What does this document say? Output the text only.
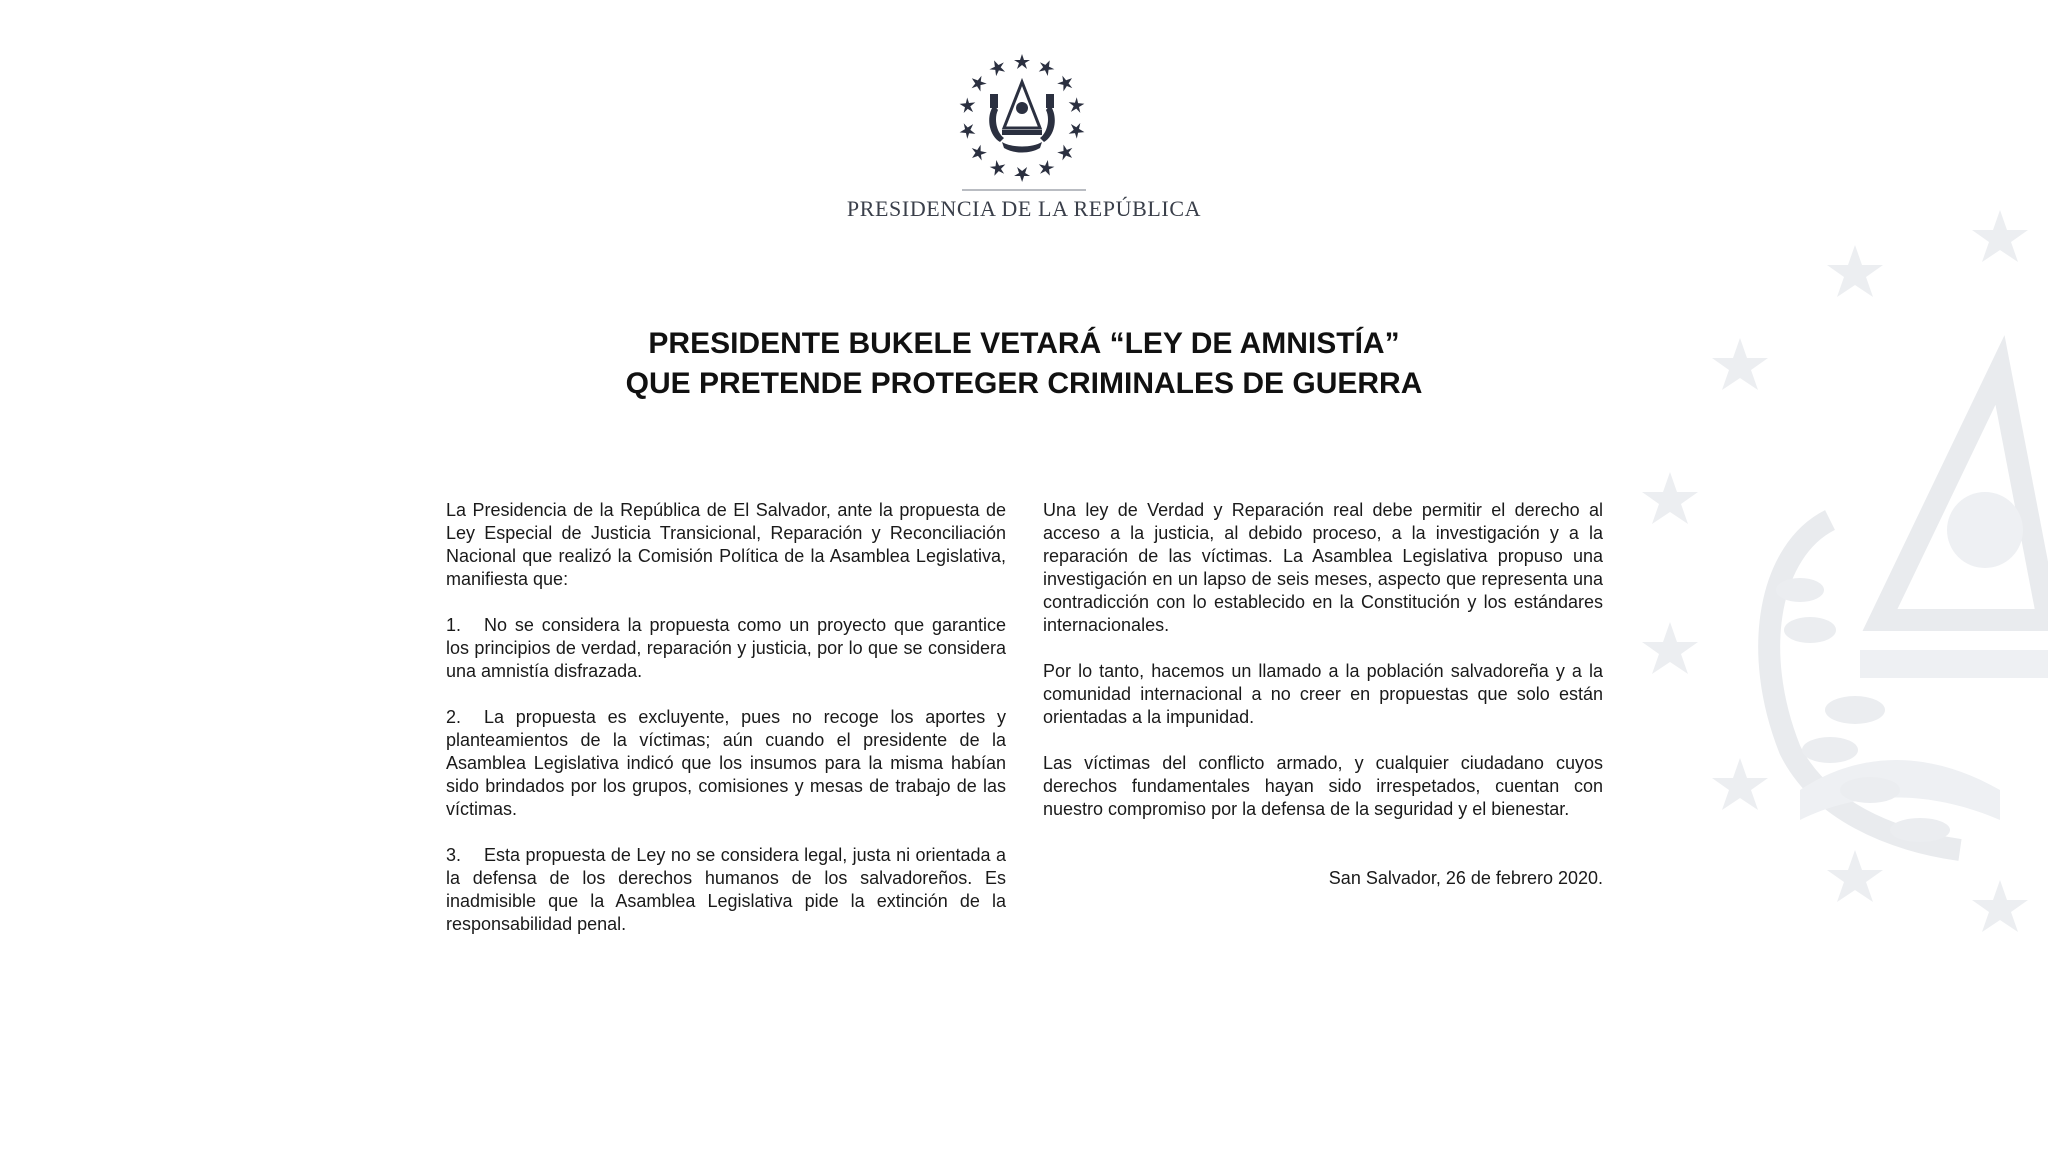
PRESIDENCIA DE LA REPÚBLICA
PRESIDENTE BUKELE VETARÁ “LEY DE AMNISTÍA”
QUE PRETENDE PROTEGER CRIMINALES DE GUERRA

La Presidencia de la República de El Salvador, ante la propuesta de Ley Especial de Justicia Transicional, Reparación y Reconciliación Nacional que realizó la Comisión Política de la Asamblea Legislativa, manifiesta que:

1. No se considera la propuesta como un proyecto que garantice los principios de verdad, reparación y justicia, por lo que se considera una amnistía disfrazada.

2. La propuesta es excluyente, pues no recoge los aportes y planteamientos de la víctimas; aún cuando el presidente de la Asamblea Legislativa indicó que los insumos para la misma habían sido brindados por los grupos, comisiones y mesas de trabajo de las víctimas.

3. Esta propuesta de Ley no se considera legal, justa ni orientada a la defensa de los derechos humanos de los salvadoreños. Es inadmisible que la Asamblea Legislativa pide la extinción de la responsabilidad penal.

Una ley de Verdad y Reparación real debe permitir el derecho al acceso a la justicia, al debido proceso, a la investigación y a la reparación de las víctimas. La Asamblea Legislativa propuso una investigación en un lapso de seis meses, aspecto que representa una contradicción con lo establecido en la Constitución y los estándares internacionales.

Por lo tanto, hacemos un llamado a la población salvadoreña y a la comunidad internacional a no creer en propuestas que solo están orientadas a la impunidad.

Las víctimas del conflicto armado, y cualquier ciudadano cuyos derechos fundamentales hayan sido irrespetados, cuentan con nuestro compromiso por la defensa de la seguridad y el bienestar.

San Salvador, 26 de febrero 2020.
